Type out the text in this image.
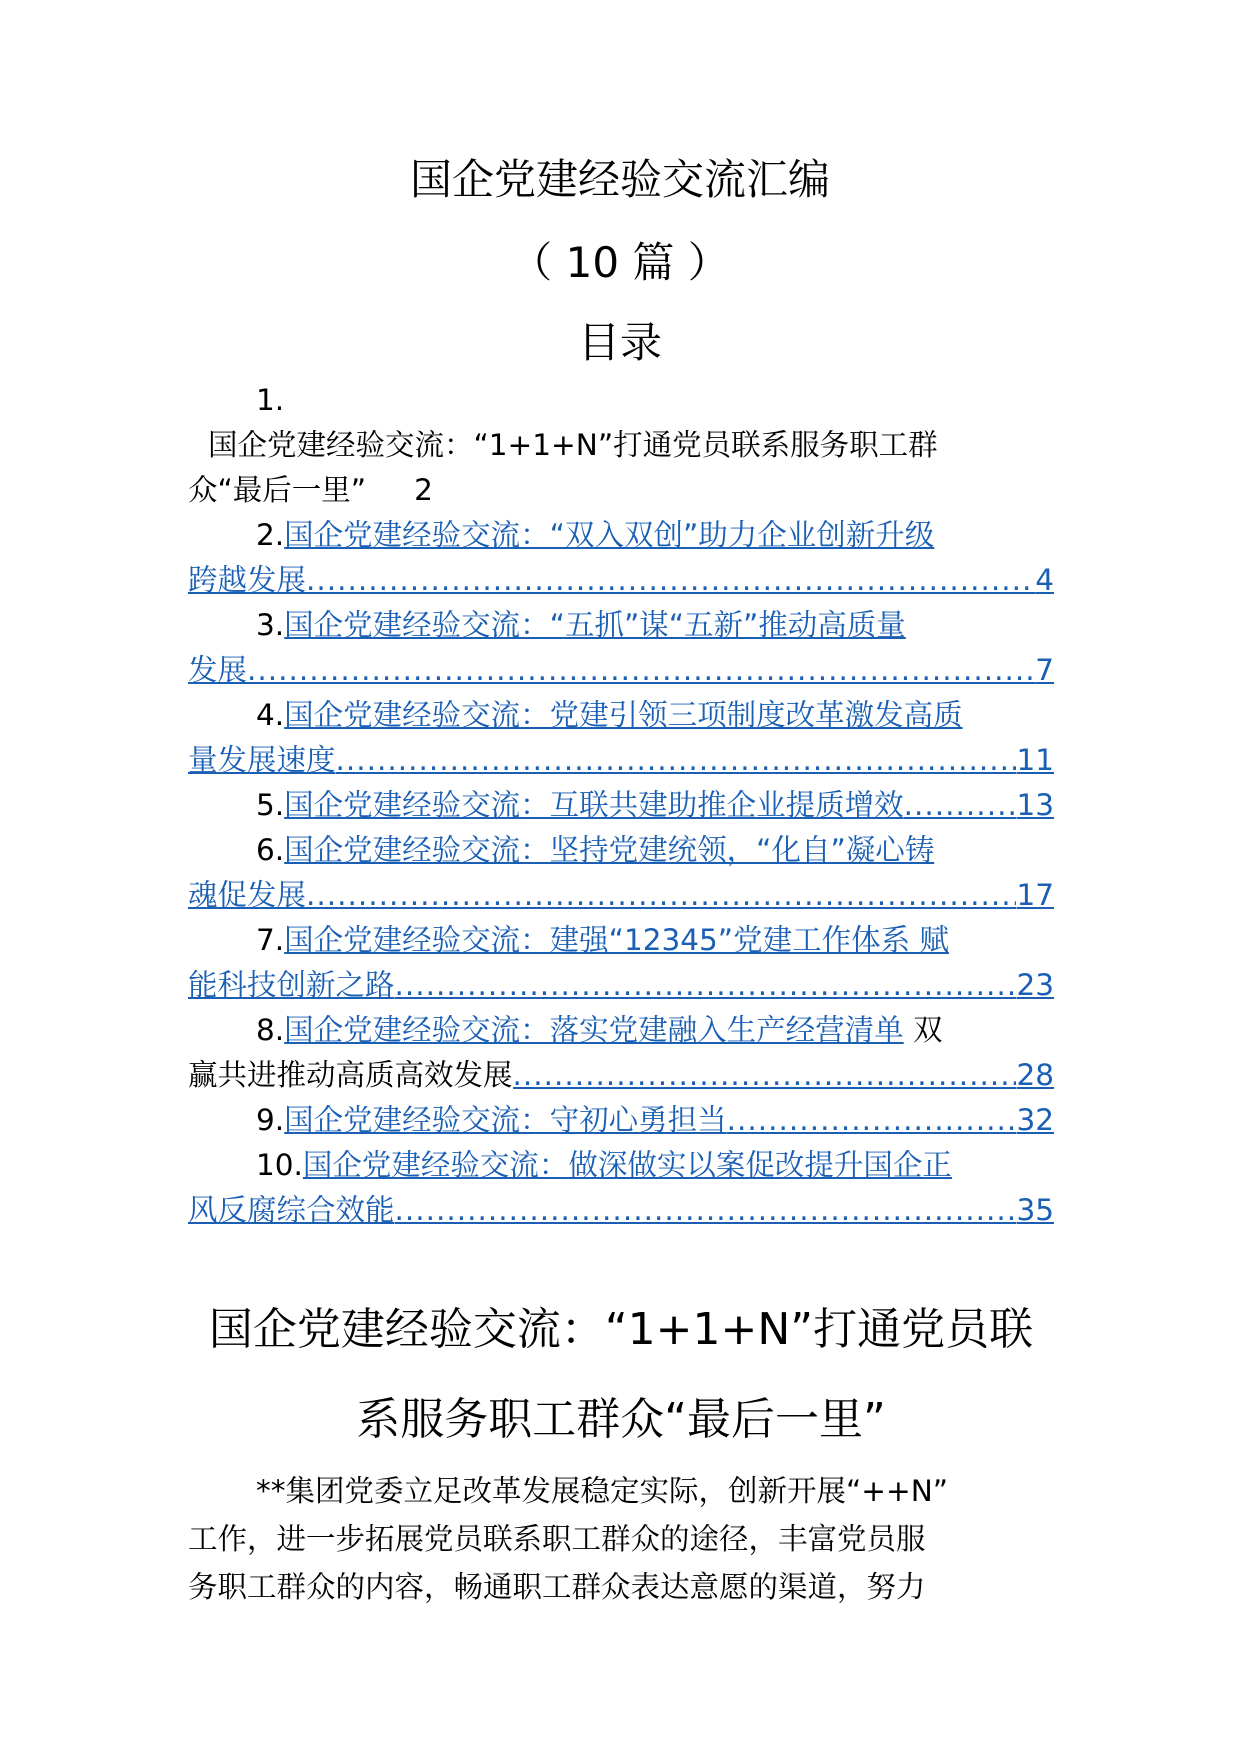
国企党建经验交流汇编
（ 10 篇 ）
目录
1.
国企党建经验交流：“1+1+N”打通党员联系服务职工群
众“最后一里” 2
2.国企党建经验交流：“双入双创”助力企业创新升级
跨越发展 .....	4
3.国企党建经验交流：“五抓”谋“五新”推动高质量
发展 .....	7
4.国企党建经验交流：党建引领三项制度改革激发高质
量发展速度 .....	11
5. 国企党建经验交流：互联共建助推企业提质增效 .....	13
6.国企党建经验交流：坚持党建统领，“化自”凝心铸
魂促发展 .....	17
7.国企党建经验交流：建强“12345”党建工作体系 赋
能科技创新之路 .....	23
8.国企党建经验交流：落实党建融入生产经营清单 双
赢共进推动高质高效发展 .....	28
9. 国企党建经验交流：守初心勇担当 .....	32
10.国企党建经验交流：做深做实以案促改提升国企正
风反腐综合效能 .....	35
国企党建经验交流：“1+1+N”打通党员联
系服务职工群众“最后一里”
**集团党委立足改革发展稳定实际，创新开展“++N”
工作，进一步拓展党员联系职工群众的途径，丰富党员服
务职工群众的内容，畅通职工群众表达意愿的渠道，努力
